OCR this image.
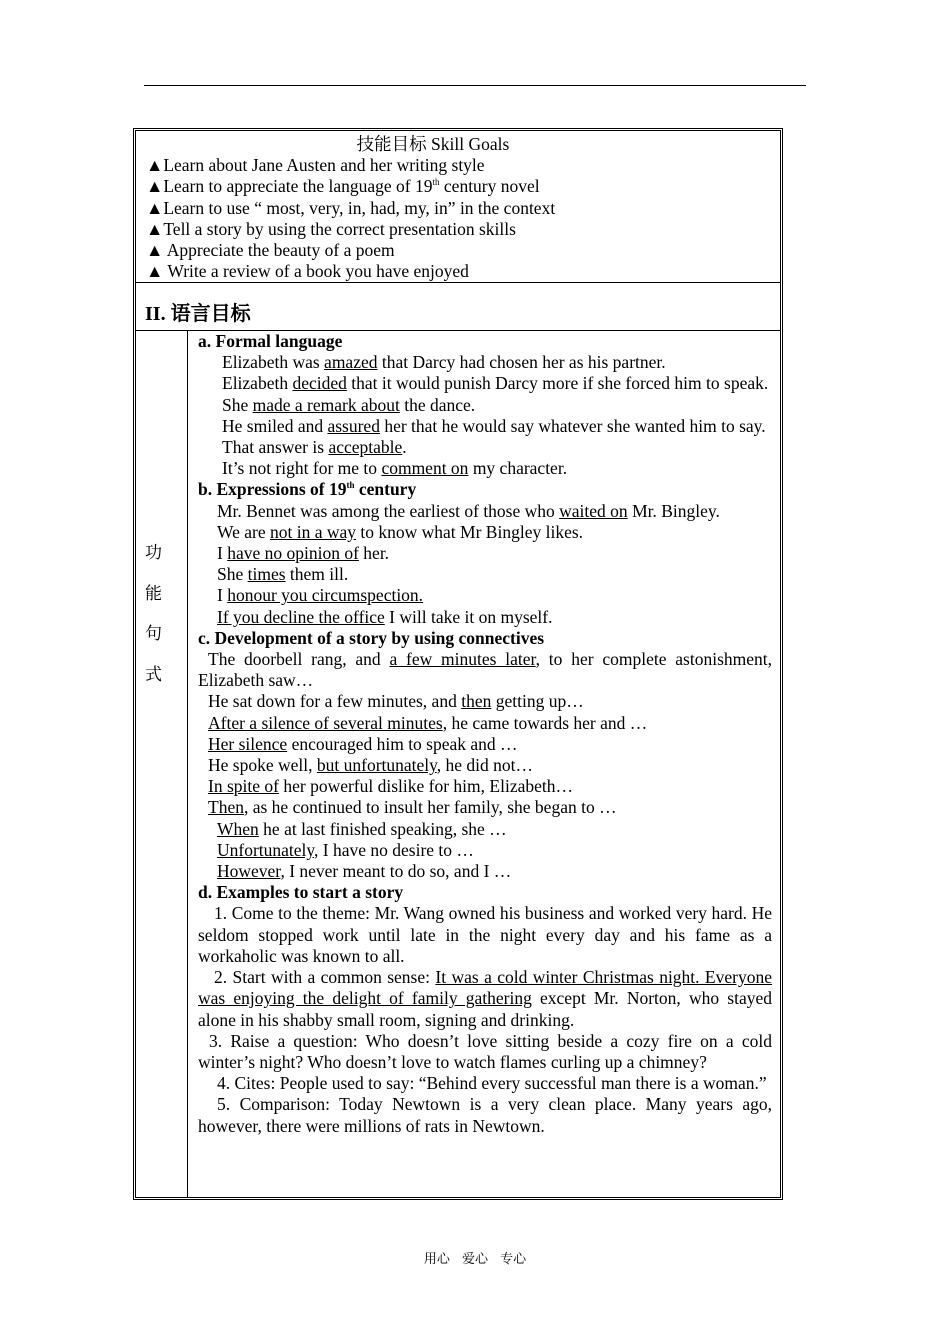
技能目标 Skill Goals
▲Learn about Jane Austen and her writing style
▲Learn to appreciate the language of 19th century novel
▲Learn to use “ most, very, in, had, my, in” in the context
▲Tell a story by using the correct presentation skills
▲ Appreciate the beauty of a poem
▲ Write a review of a book you have enjoyed
II. 语言目标
功
能
句
式
a. Formal language
Elizabeth was amazed that Darcy had chosen her as his partner.
Elizabeth decided that it would punish Darcy more if she forced him to speak.
She made a remark about the dance.
He smiled and assured her that he would say whatever she wanted him to say.
That answer is acceptable.
It’s not right for me to comment on my character.
b. Expressions of 19th century
Mr. Bennet was among the earliest of those who waited on Mr. Bingley.
We are not in a way to know what Mr Bingley likes.
I have no opinion of her.
She times them ill.
I honour you circumspection.
If you decline the office I will take it on myself.
c. Development of a story by using connectives
The doorbell rang, and a few minutes later, to her complete astonishment, Elizabeth saw…
He sat down for a few minutes, and then getting up…
After a silence of several minutes, he came towards her and …
Her silence encouraged him to speak and …
He spoke well, but unfortunately, he did not…
In spite of her powerful dislike for him, Elizabeth…
Then, as he continued to insult her family, she began to …
When he at last finished speaking, she …
Unfortunately, I have no desire to …
However, I never meant to do so, and I …
d. Examples to start a story
1. Come to the theme: Mr. Wang owned his business and worked very hard. He seldom stopped work until late in the night every day and his fame as a workaholic was known to all.
2. Start with a common sense: It was a cold winter Christmas night. Everyone was enjoying the delight of family gathering except Mr. Norton, who stayed alone in his shabby small room, signing and drinking.
3. Raise a question: Who doesn’t love sitting beside a cozy fire on a cold winter’s night? Who doesn’t love to watch flames curling up a chimney?
4. Cites: People used to say: “Behind every successful man there is a woman.”
5. Comparison: Today Newtown is a very clean place. Many years ago, however, there were millions of rats in Newtown.
用心 爱心 专心
